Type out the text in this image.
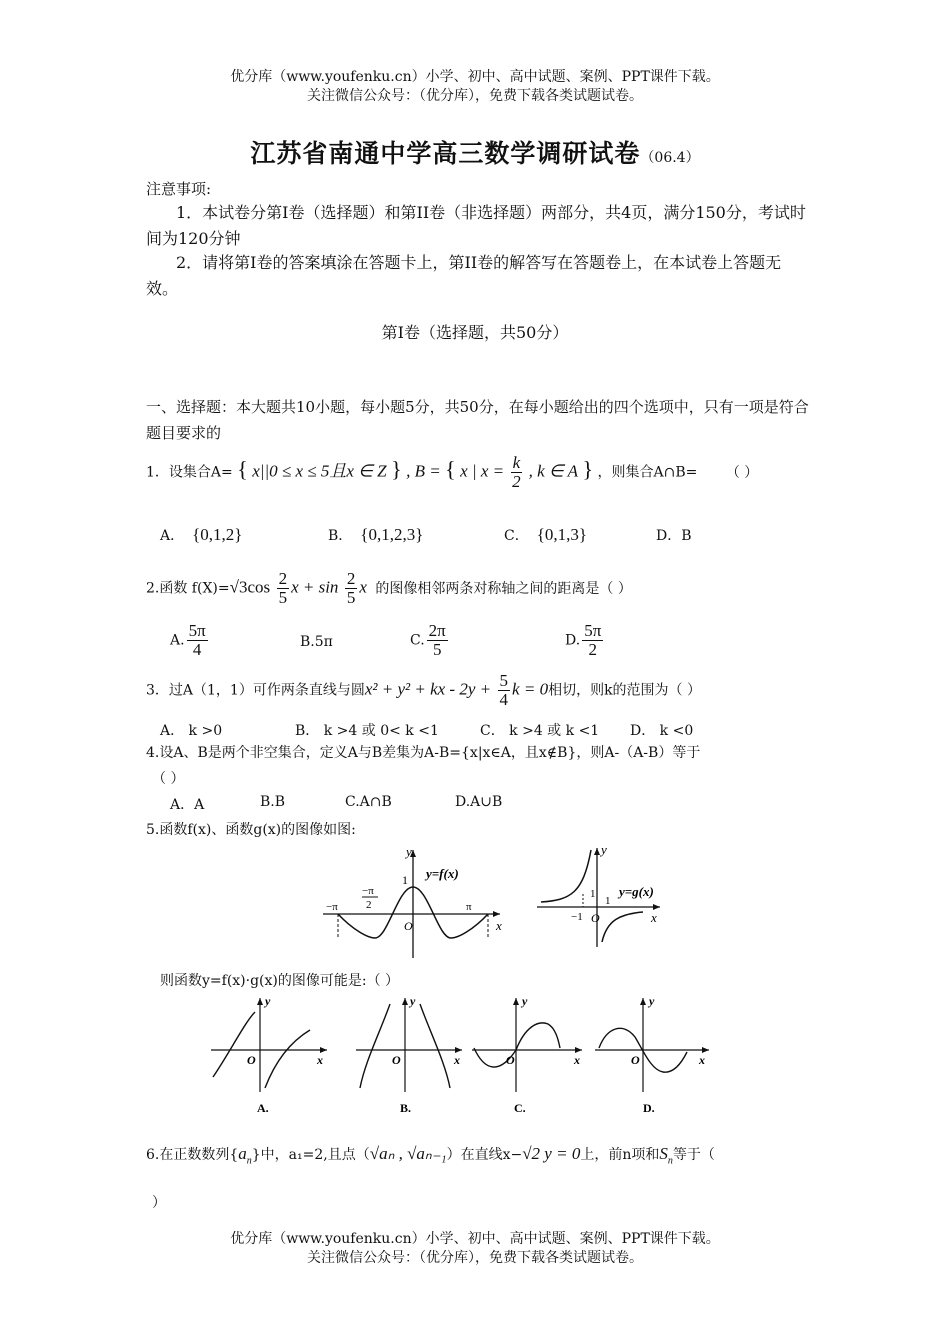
优分库（www.youfenku.cn）小学、初中、高中试题、案例、PPT课件下载。
关注微信公众号：（优分库），免费下载各类试题试卷。
江苏省南通中学高三数学调研试卷（06.4）
注意事项:
1．本试卷分第Ⅰ卷（选择题）和第II卷（非选择题）两部分，共4页，满分150分，考试时间为120分钟
2．请将第Ⅰ卷的答案填涂在答题卡上，第II卷的解答写在答题卷上，在本试卷上答题无效。
第Ⅰ卷（选择题，共50分）
一、选择题：本大题共10小题，每小题5分，共50分，在每小题给出的四个选项中，只有一项是符合题目要求的
1．设集合A= { x||0 ≤ x ≤ 5且x ∈ Z } , B = { x | $x = \frac{k}{2}$ , k ∈ A } ，则集合A∩B= （ ）
A． {0,1,2}	B． {0,1,2,3}	C． {0,1,3}	D．B
2.函数 $f(X)=√3\cos \frac{2}{5}$ $x + \sin \frac{2}{5}$ x 的图像相邻两条对称轴之间的距离是（ ）
A. $\frac{5\pi}{4}$	B.5π	C. $\frac{2\pi}{5}$	D. $\frac{5\pi}{2}$
3．过A（1，1）可作两条直线与圆x² + y² + kx - $2y + \frac{5}{4}$ k = 0相切，则k的范围为（ ）
A． k >0	B． k >4 或 0< k <1	C． k >4 或 k <1 D． k <0
4.设A、B是两个非空集合，定义A与B差集为A-B={x|x∈A，且x∉B}，则A-（A-B）等于
（ ）
A．A	B.B	C.A∩B	D.A∪B
5.函数f(x)、函数g(x)的图像如图:
y
x
y=f(x)
1
O
−π
−π
2	π
y
x
y=g(x)
1
1
−1 O
则函数y=f(x)·g(x)的图像可能是:（ ）
y
x
O
A.
y
x
O
B.
y
x
O
C.
y
x
O
D.
6.在正数数列$\{a_n\}$中，a₁=2,且点（√aₙ , √aₙ₋₁）在直线x−√2 y = 0上，前n项和$S_n$等于（
）
优分库（www.youfenku.cn）小学、初中、高中试题、案例、PPT课件下载。
关注微信公众号：（优分库），免费下载各类试题试卷。
